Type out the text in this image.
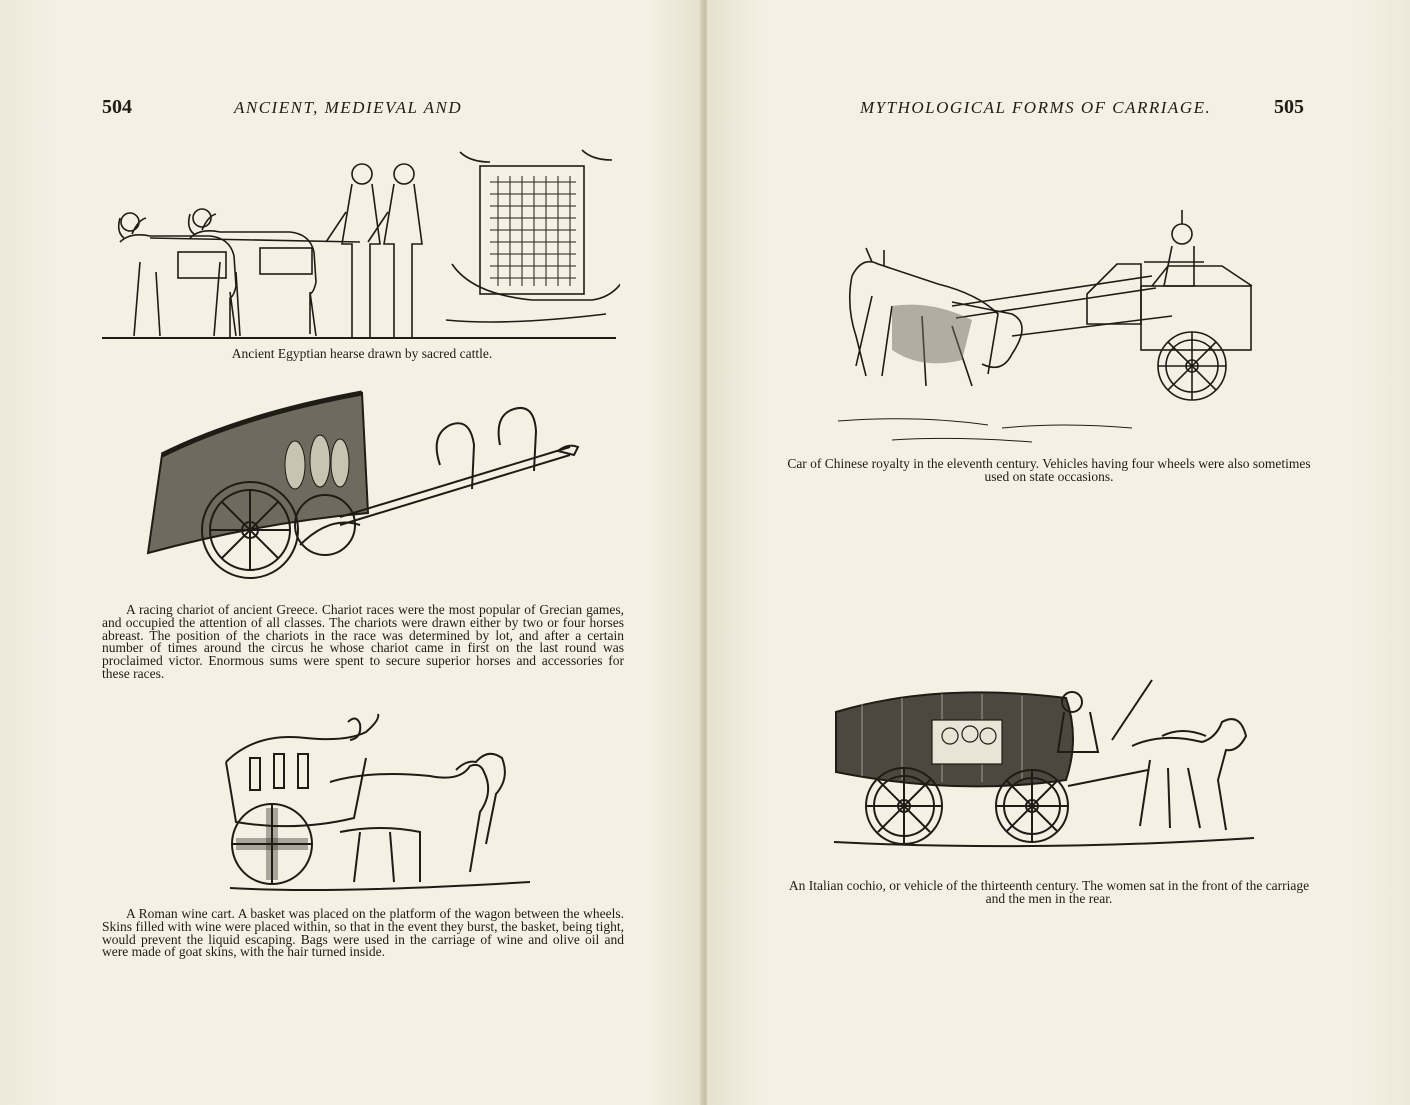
504	ANCIENT, MEDIEVAL AND
Ancient Egyptian hearse drawn by sacred cattle.
A racing chariot of ancient Greece. Chariot races were the most popular of Grecian games, and occupied the attention of all classes. The chariots were drawn either by two or four horses abreast. The position of the chariots in the race was determined by lot, and after a certain number of times around the circus he whose chariot came in first on the last round was proclaimed victor. Enormous sums were spent to secure superior horses and accessories for these races.
A Roman wine cart. A basket was placed on the platform of the wagon between the wheels. Skins filled with wine were placed within, so that in the event they burst, the basket, being tight, would prevent the liquid escaping. Bags were used in the carriage of wine and olive oil and were made of goat skins, with the hair turned inside.
MYTHOLOGICAL FORMS OF CARRIAGE.	505
Car of Chinese royalty in the eleventh century. Vehicles having four wheels were also sometimes used on state occasions.
An Italian cochio, or vehicle of the thirteenth century. The women sat in the front of the carriage and the men in the rear.
